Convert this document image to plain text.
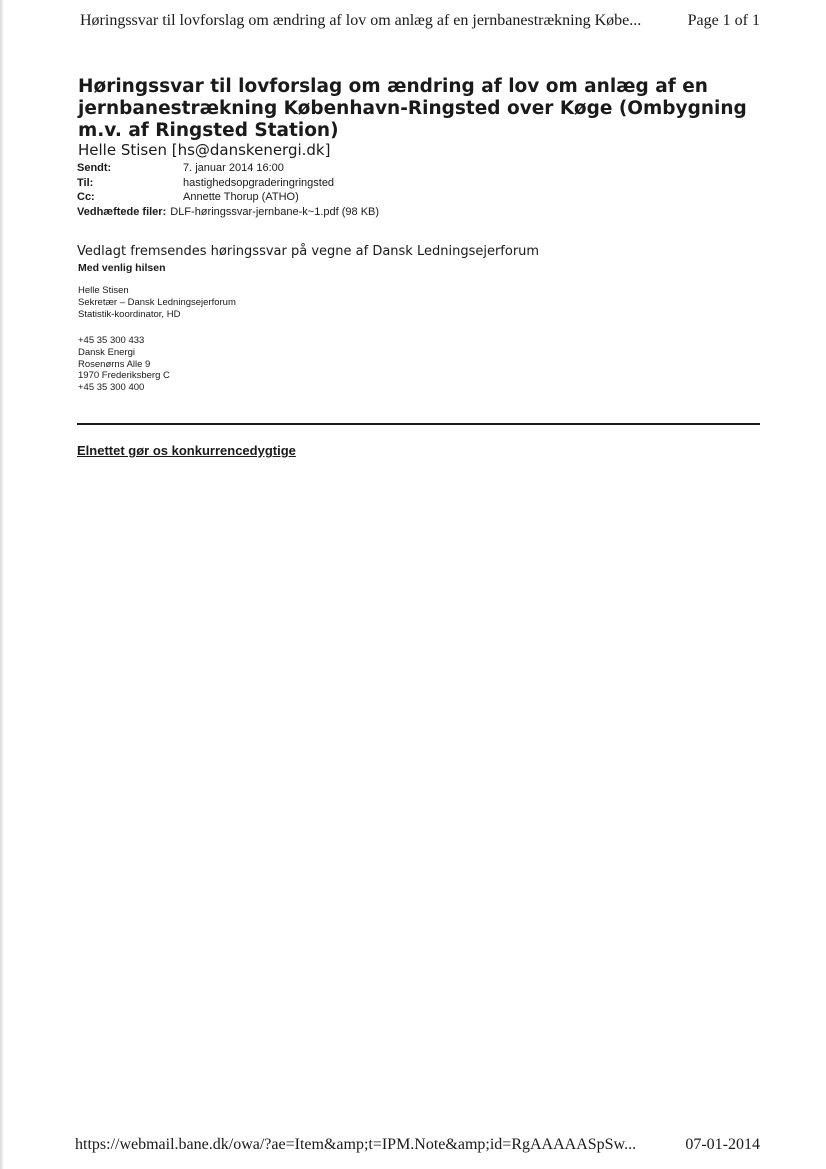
Høringssvar til lovforslag om ændring af lov om anlæg af en jernbanestrækning Købe...	Page 1 of 1
Høringssvar til lovforslag om ændring af lov om anlæg af en jernbanestrækning København-Ringsted over Køge (Ombygning m.v. af Ringsted Station)
Helle Stisen [hs@danskenergi.dk]
Sendt:	7. januar 2014 16:00
Til:	hastighedsopgraderingringsted
Cc:	Annette Thorup (ATHO)
Vedhæftede filer: DLF-høringssvar-jernbane-k~1.pdf (98 KB)
Vedlagt fremsendes høringssvar på vegne af Dansk Ledningsejerforum
Med venlig hilsen
Helle Stisen
Sekretær – Dansk Ledningsejerforum
Statistik-koordinator, HD
+45 35 300 433
Dansk Energi
Rosenørns Alle 9
1970 Frederiksberg C
+45 35 300 400
Elnettet gør os konkurrencedygtige
https://webmail.bane.dk/owa/?ae=Item&amp;t=IPM.Note&amp;id=RgAAAAASpSw...	07-01-2014
